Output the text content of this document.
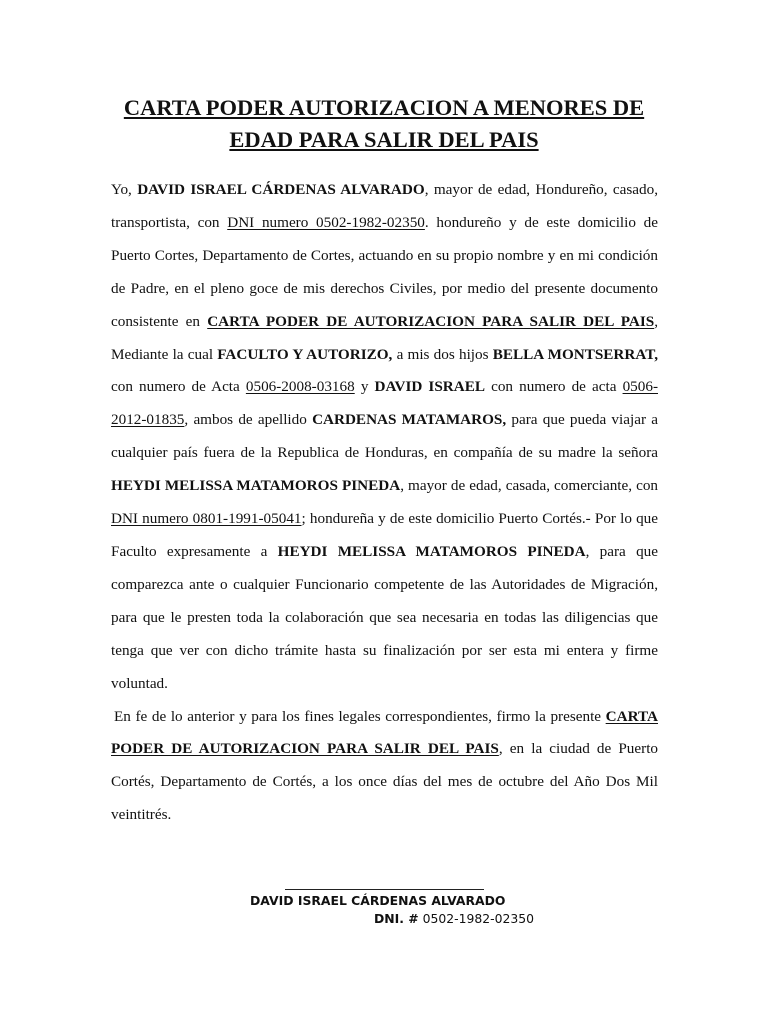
CARTA PODER AUTORIZACION A MENORES DE EDAD PARA SALIR DEL PAIS

Yo, DAVID ISRAEL CÁRDENAS ALVARADO, mayor de edad, Hondureño, casado, transportista, con DNI numero 0502-1982-02350. hondureño y de este domicilio de Puerto Cortes, Departamento de Cortes, actuando en su propio nombre y en mi condición de Padre, en el pleno goce de mis derechos Civiles, por medio del presente documento consistente en CARTA PODER DE AUTORIZACION PARA SALIR DEL PAIS, Mediante la cual FACULTO Y AUTORIZO, a mis dos hijos BELLA MONTSERRAT, con numero de Acta 0506-2008-03168 y DAVID ISRAEL con numero de acta 0506-2012-01835, ambos de apellido CARDENAS MATAMAROS, para que pueda viajar a cualquier país fuera de la Republica de Honduras, en compañía de su madre la señora HEYDI MELISSA MATAMOROS PINEDA, mayor de edad, casada, comerciante, con DNI numero 0801-1991-05041; hondureña y de este domicilio Puerto Cortés.- Por lo que Faculto expresamente a HEYDI MELISSA MATAMOROS PINEDA, para que comparezca ante o cualquier Funcionario competente de las Autoridades de Migración, para que le presten toda la colaboración que sea necesaria en todas las diligencias que tenga que ver con dicho trámite hasta su finalización por ser esta mi entera y firme voluntad.

En fe de lo anterior y para los fines legales correspondientes, firmo la presente CARTA PODER DE AUTORIZACION PARA SALIR DEL PAIS, en la ciudad de Puerto Cortés, Departamento de Cortés, a los once días del mes de octubre del Año Dos Mil veintitrés.

DAVID ISRAEL CÁRDENAS ALVARADO
DNI. # 0502-1982-02350
